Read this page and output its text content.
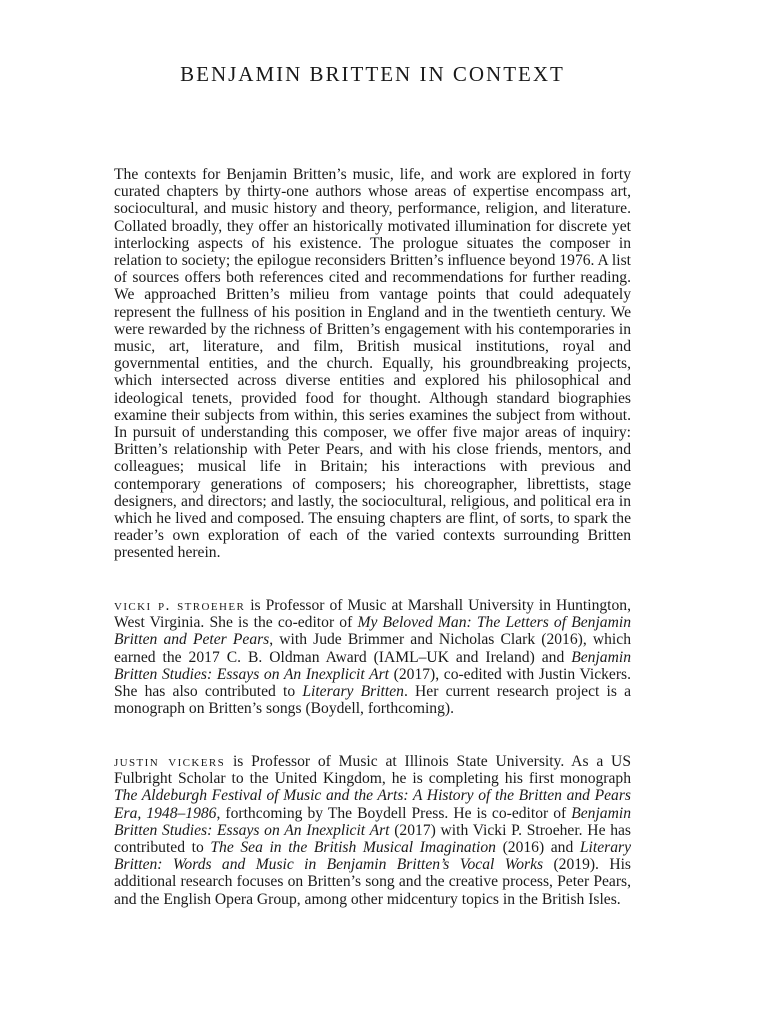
BENJAMIN BRITTEN IN CONTEXT

The contexts for Benjamin Britten’s music, life, and work are explored in forty curated chapters by thirty-one authors whose areas of expertise encompass art, sociocultural, and music history and theory, performance, religion, and literature. Collated broadly, they offer an historically motivated illumination for discrete yet interlocking aspects of his existence. The prologue situates the composer in relation to society; the epilogue reconsiders Britten’s influence beyond 1976. A list of sources offers both references cited and recommendations for further reading. We approached Britten’s milieu from vantage points that could adequately represent the fullness of his position in England and in the twentieth century. We were rewarded by the richness of Britten’s engagement with his contemporaries in music, art, literature, and film, British musical institutions, royal and governmental entities, and the church. Equally, his groundbreaking projects, which intersected across diverse entities and explored his philosophical and ideological tenets, provided food for thought. Although standard biographies examine their subjects from within, this series examines the subject from without. In pursuit of understanding this composer, we offer five major areas of inquiry: Britten’s relationship with Peter Pears, and with his close friends, mentors, and colleagues; musical life in Britain; his interactions with previous and contemporary generations of composers; his choreographer, librettists, stage designers, and directors; and lastly, the sociocultural, religious, and political era in which he lived and composed. The ensuing chapters are flint, of sorts, to spark the reader’s own exploration of each of the varied contexts surrounding Britten presented herein.

vicki p. stroeher is Professor of Music at Marshall University in Huntington, West Virginia. She is the co-editor of My Beloved Man: The Letters of Benjamin Britten and Peter Pears, with Jude Brimmer and Nicholas Clark (2016), which earned the 2017 C. B. Oldman Award (IAML–UK and Ireland) and Benjamin Britten Studies: Essays on An Inexplicit Art (2017), co-edited with Justin Vickers. She has also contributed to Literary Britten. Her current research project is a monograph on Britten’s songs (Boydell, forthcoming).

justin vickers is Professor of Music at Illinois State University. As a US Fulbright Scholar to the United Kingdom, he is completing his first monograph The Aldeburgh Festival of Music and the Arts: A History of the Britten and Pears Era, 1948–1986, forthcoming by The Boydell Press. He is co-editor of Benjamin Britten Studies: Essays on An Inexplicit Art (2017) with Vicki P. Stroeher. He has contributed to The Sea in the British Musical Imagination (2016) and Literary Britten: Words and Music in Benjamin Britten’s Vocal Works (2019). His additional research focuses on Britten’s song and the creative process, Peter Pears, and the English Opera Group, among other midcentury topics in the British Isles.
